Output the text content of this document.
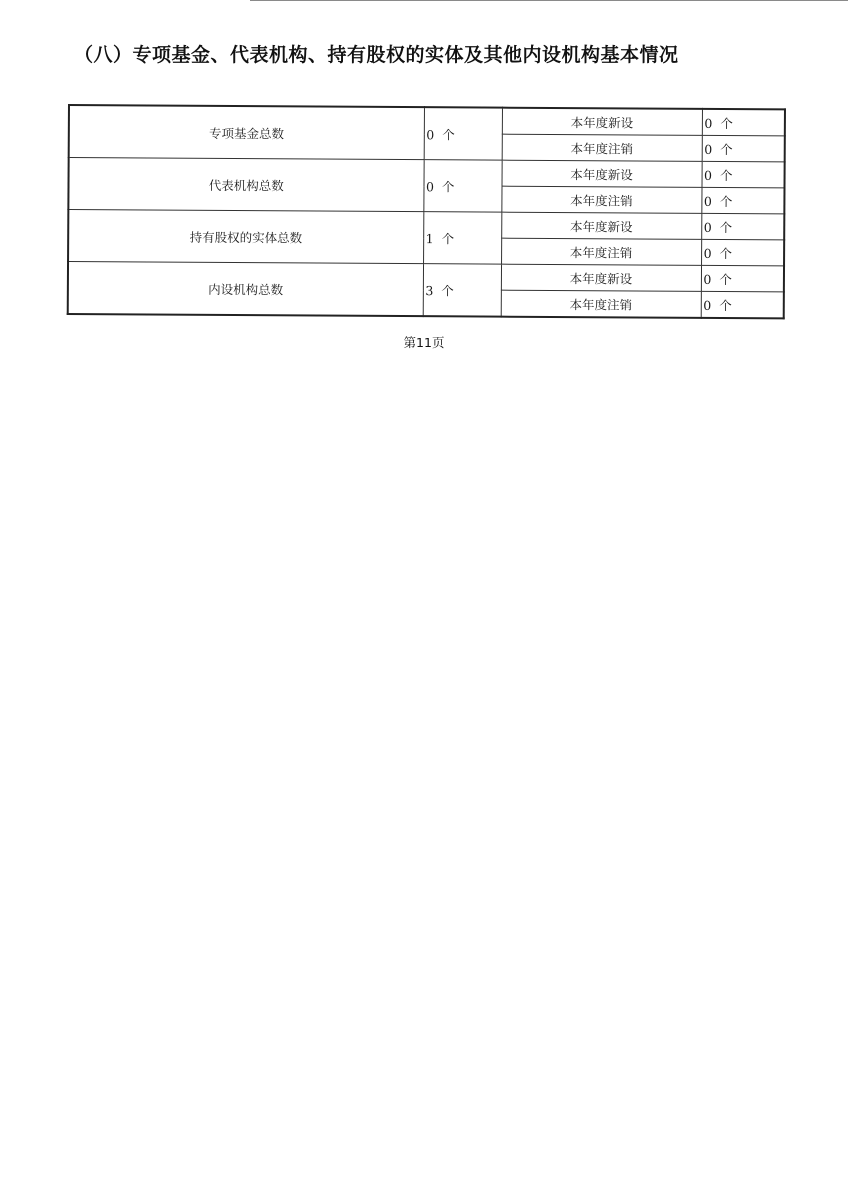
（八）专项基金、代表机构、持有股权的实体及其他内设机构基本情况
专项基金总数	0 个	本年度新设	0 个
		本年度注销	0 个
代表机构总数	0 个	本年度新设	0 个
		本年度注销	0 个
持有股权的实体总数	1 个	本年度新设	0 个
		本年度注销	0 个
内设机构总数	3 个	本年度新设	0 个
		本年度注销	0 个
第11页
